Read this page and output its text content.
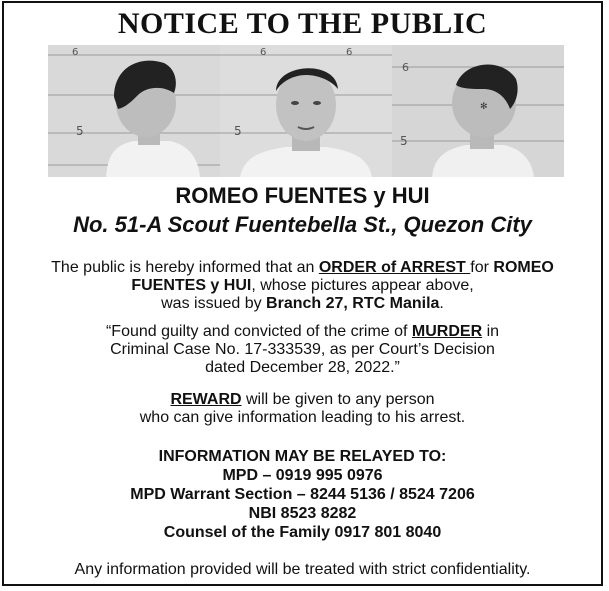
NOTICE TO THE PUBLIC
6
5
6	6
5
6
5
✻
ROMEO FUENTES y HUI
No. 51-A Scout Fuentebella St., Quezon City
The public is hereby informed that an ORDER of ARREST for ROMEO
FUENTES y HUI, whose pictures appear above,
was issued by Branch 27, RTC Manila.
“Found guilty and convicted of the crime of MURDER in
Criminal Case No. 17-333539, as per Court’s Decision
dated December 28, 2022.”
REWARD will be given to any person
who can give information leading to his arrest.
INFORMATION MAY BE RELAYED TO:
MPD – 0919 995 0976
MPD Warrant Section – 8244 5136 / 8524 7206
NBI 8523 8282
Counsel of the Family 0917 801 8040
Any information provided will be treated with strict confidentiality.
